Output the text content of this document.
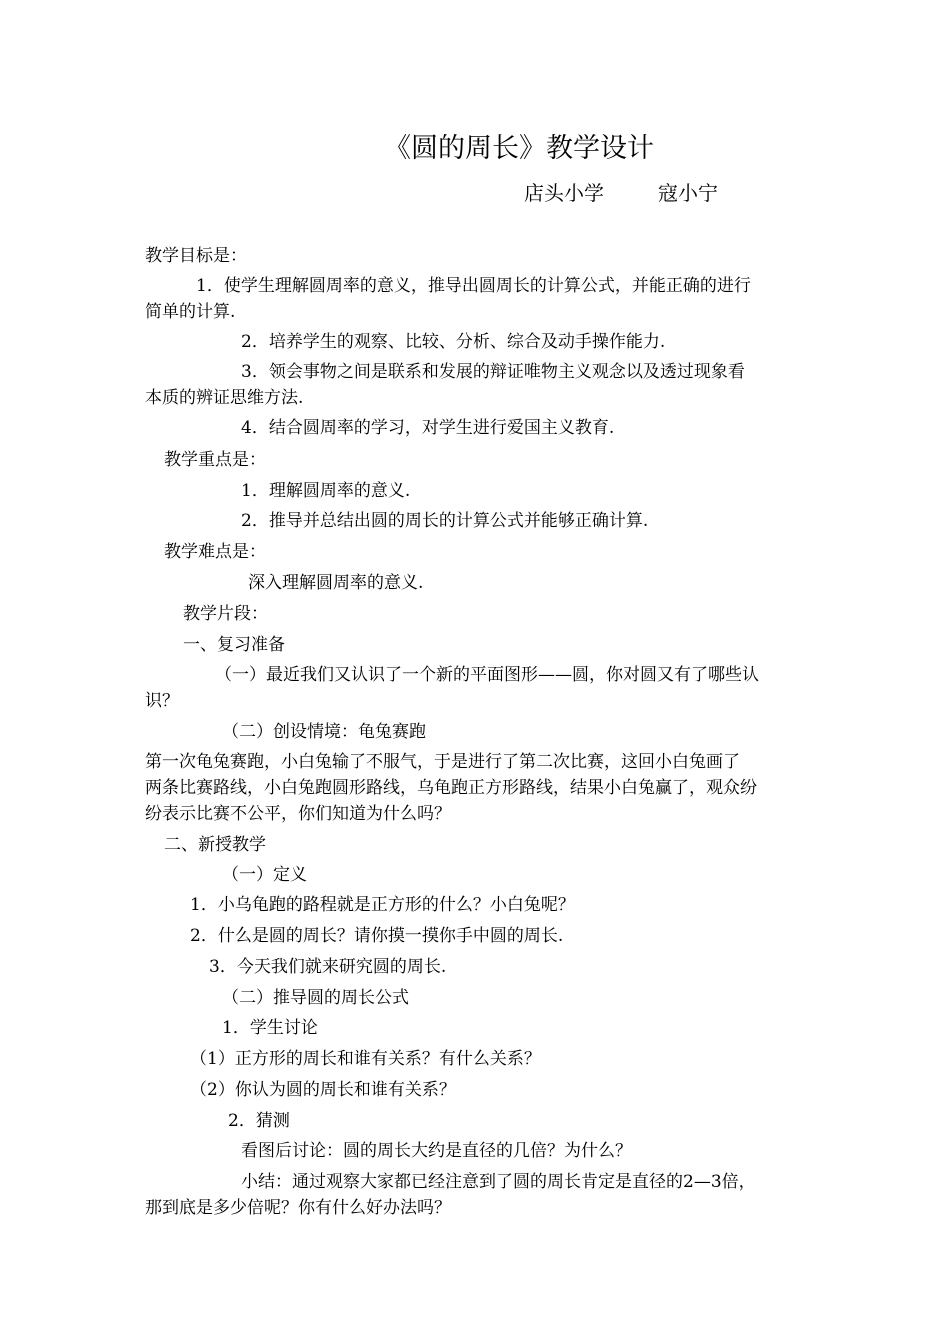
《圆的周长》教学设计
店头小学	寇小宁
教学目标是：
1．使学生理解圆周率的意义，推导出圆周长的计算公式，并能正确的进行
简单的计算.
2．培养学生的观察、比较、分析、综合及动手操作能力.
3．领会事物之间是联系和发展的辩证唯物主义观念以及透过现象看
本质的辨证思维方法.
4．结合圆周率的学习，对学生进行爱国主义教育.
教学重点是：
1．理解圆周率的意义.
2．推导并总结出圆的周长的计算公式并能够正确计算.
教学难点是：
深入理解圆周率的意义.
教学片段：
一、复习准备
（一）最近我们又认识了一个新的平面图形——圆，你对圆又有了哪些认
识？
（二）创设情境：龟兔赛跑
第一次龟兔赛跑，小白兔输了不服气，于是进行了第二次比赛，这回小白兔画了
两条比赛路线，小白兔跑圆形路线，乌龟跑正方形路线，结果小白兔赢了，观众纷
纷表示比赛不公平，你们知道为什么吗？
二、新授教学
（一）定义
1．小乌龟跑的路程就是正方形的什么？小白兔呢？
2．什么是圆的周长？请你摸一摸你手中圆的周长.
3．今天我们就来研究圆的周长.
（二）推导圆的周长公式
1．学生讨论
（1）正方形的周长和谁有关系？有什么关系？
（2）你认为圆的周长和谁有关系？
2．猜测
看图后讨论：圆的周长大约是直径的几倍？为什么？
小结：通过观察大家都已经注意到了圆的周长肯定是直径的2—3倍，
那到底是多少倍呢？你有什么好办法吗？
